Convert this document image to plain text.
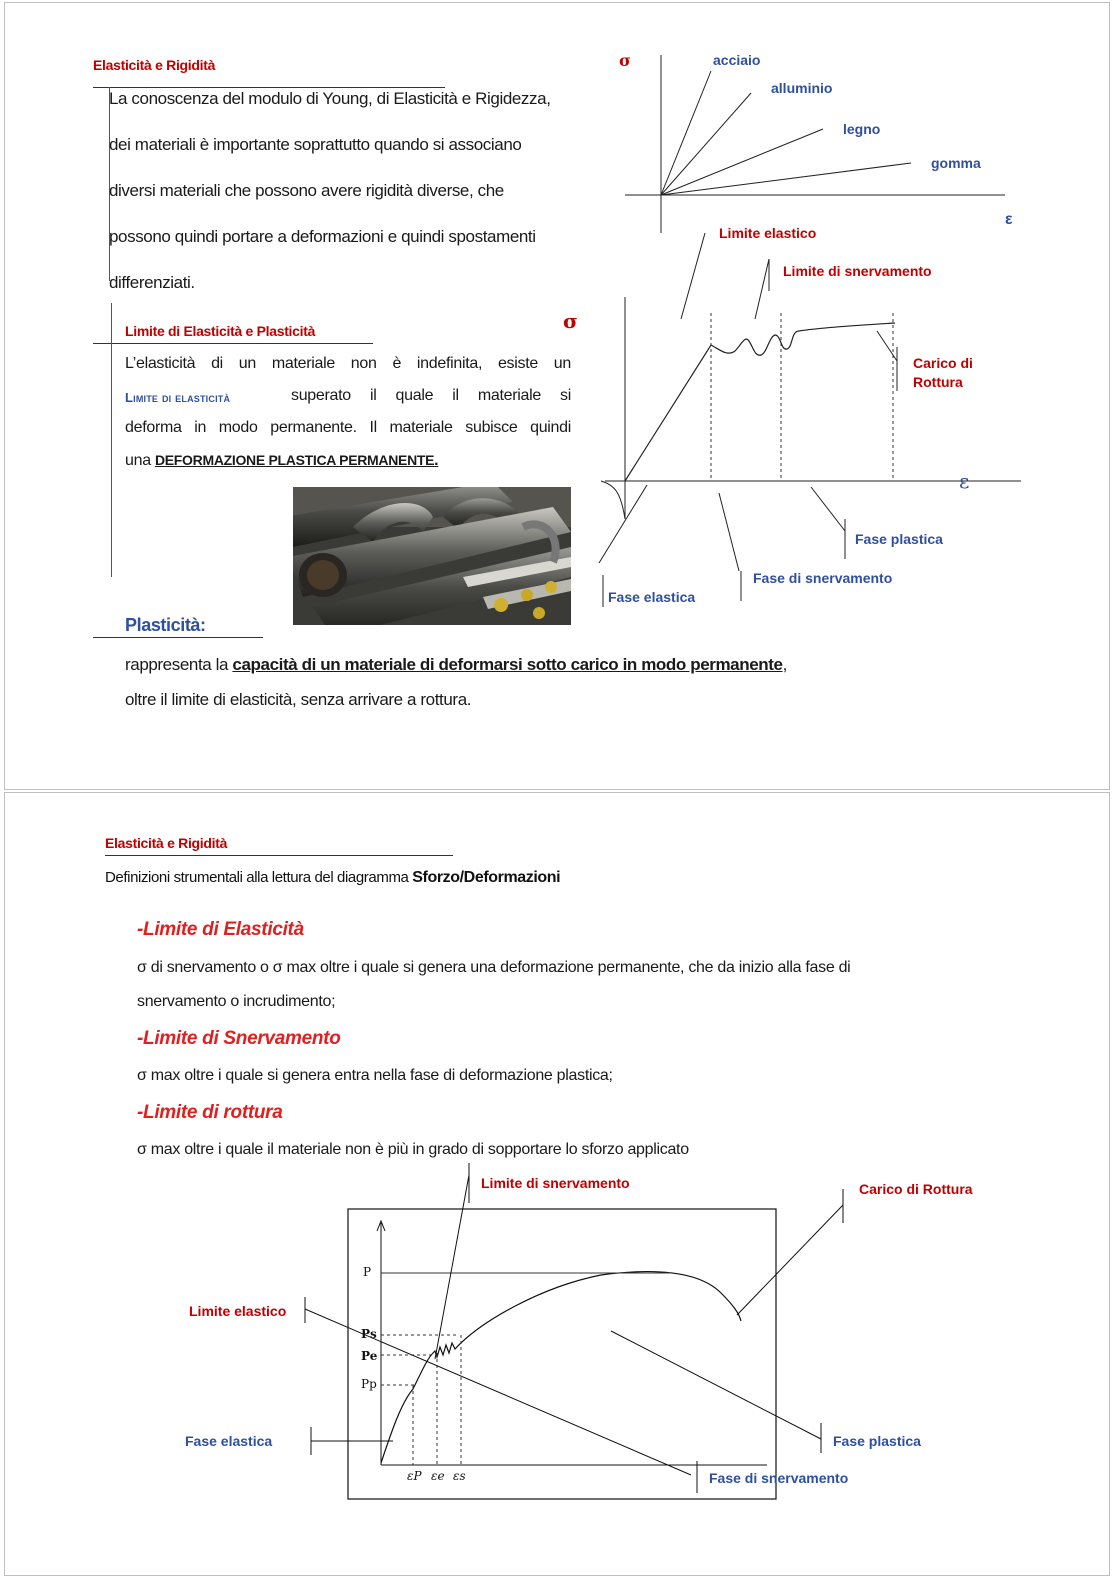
Elasticità e Rigidità
La conoscenza del modulo di Young, di Elasticità e Rigidezza,
dei materiali è importante soprattutto quando si associano
diversi materiali che possono avere rigidità diverse, che
possono quindi portare a deformazioni e quindi spostamenti
differenziati.
Limite di Elasticità e Plasticità
L’elasticità di un materiale non è indefinita, esiste un
Limite di elasticità	superato il quale il materiale si
deforma in modo permanente. Il materiale subisce quindi
una DEFORMAZIONE PLASTICA PERMANENTE.
Plasticità:
rappresenta la capacità di un materiale di deformarsi sotto carico in modo permanente,
oltre il limite di elasticità, senza arrivare a rottura.
σ
ε
acciaio
alluminio
legno
gomma
σ
ε
Limite elastico
Limite di snervamento
Carico di
Rottura
Fase plastica
Fase di snervamento
Fase elastica
Elasticità e Rigidità
Definizioni strumentali alla lettura del diagramma Sforzo/Deformazioni
-Limite di Elasticità
σ di snervamento o σ max oltre i quale si genera una deformazione permanente, che da inizio alla fase di
snervamento o incrudimento;
-Limite di Snervamento
σ max oltre i quale si genera entra nella fase di deformazione plastica;
-Limite di rottura
σ max oltre i quale il materiale non è più in grado di sopportare lo sforzo applicato
P
Ps
Pe
Pp
εP εe εs
Limite di snervamento	Carico di Rottura
Limite elastico
Fase elastica	Fase plastica
Fase di snervamento
